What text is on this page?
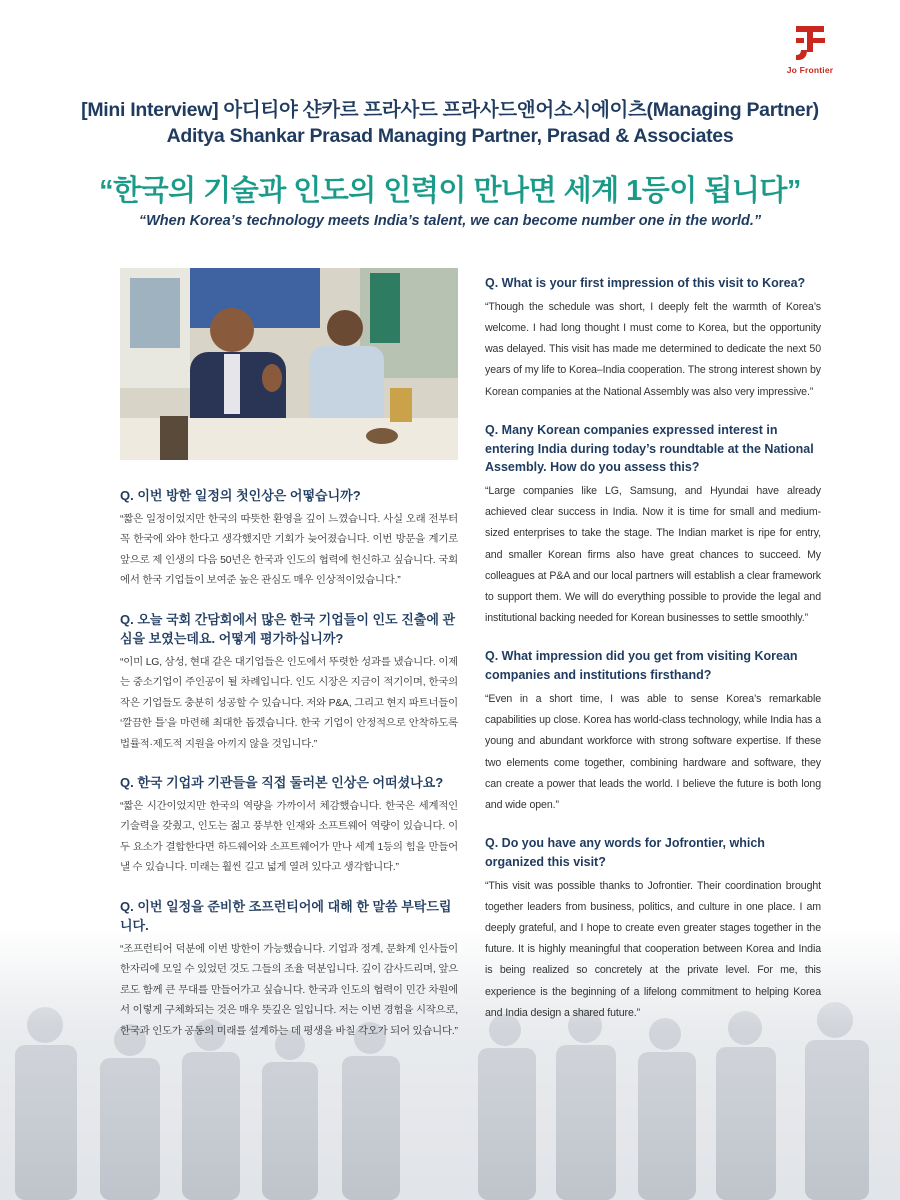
Jo Frontier
[Mini Interview] 아디티야 샨카르 프라사드 프라사드앤어소시에이츠(Managing Partner)
Aditya Shankar Prasad Managing Partner, Prasad & Associates
“한국의 기술과 인도의 인력이 만나면 세계 1등이 됩니다”
“When Korea’s technology meets India’s talent, we can become number one in the world.”
Q. 이번 방한 일정의 첫인상은 어떻습니까?
“짧은 일정이었지만 한국의 따뜻한 환영을 깊이 느꼈습니다. 사실 오래 전부터 꼭 한국에 와야 한다고 생각했지만 기회가 늦어졌습니다. 이번 방문을 계기로 앞으로 제 인생의 다음 50년은 한국과 인도의 협력에 헌신하고 싶습니다. 국회에서 한국 기업들이 보여준 높은 관심도 매우 인상적이었습니다.”
Q. 오늘 국회 간담회에서 많은 한국 기업들이 인도 진출에 관심을 보였는데요. 어떻게 평가하십니까?
“이미 LG, 삼성, 현대 같은 대기업들은 인도에서 뚜렷한 성과를 냈습니다. 이제는 중소기업이 주인공이 될 차례입니다. 인도 시장은 지금이 적기이며, 한국의 작은 기업들도 충분히 성공할 수 있습니다. 저와 P&A, 그리고 현지 파트너들이 ‘깔끔한 틀’을 마련해 최대한 돕겠습니다. 한국 기업이 안정적으로 안착하도록 법률적·제도적 지원을 아끼지 않을 것입니다.”
Q. 한국 기업과 기관들을 직접 둘러본 인상은 어떠셨나요?
“짧은 시간이었지만 한국의 역량을 가까이서 체감했습니다. 한국은 세계적인 기술력을 갖췄고, 인도는 젊고 풍부한 인재와 소프트웨어 역량이 있습니다. 이 두 요소가 결합한다면 하드웨어와 소프트웨어가 만나 세계 1등의 힘을 만들어낼 수 있습니다. 미래는 훨씬 길고 넓게 열려 있다고 생각합니다.”
Q. 이번 일정을 준비한 조프런티어에 대해 한 말씀 부탁드립니다.
“조프런티어 덕분에 이번 방한이 가능했습니다. 기업과 정계, 문화계 인사들이 한자리에 모일 수 있었던 것도 그들의 조율 덕분입니다. 깊이 감사드리며, 앞으로도 함께 큰 무대를 만들어가고 싶습니다. 한국과 인도의 협력이 민간 차원에서 이렇게 구체화되는 것은 매우 뜻깊은 일입니다. 저는 이번 경험을 시작으로, 한국과 인도가 공동의 미래를 설계하는 데 평생을 바칠 각오가 되어 있습니다.”
Q. What is your first impression of this visit to Korea?
“Though the schedule was short, I deeply felt the warmth of Korea’s welcome. I had long thought I must come to Korea, but the opportunity was delayed. This visit has made me determined to dedicate the next 50 years of my life to Korea–India cooperation. The strong interest shown by Korean companies at the National Assembly was also very impressive.”
Q. Many Korean companies expressed interest in entering India during today’s roundtable at the National Assembly. How do you assess this?
“Large companies like LG, Samsung, and Hyundai have already achieved clear success in India. Now it is time for small and medium-sized enterprises to take the stage. The Indian market is ripe for entry, and smaller Korean firms also have great chances to succeed. My colleagues at P&A and our local partners will establish a clear framework to support them. We will do everything possible to provide the legal and institutional backing needed for Korean businesses to settle smoothly.”
Q. What impression did you get from visiting Korean companies and institutions firsthand?
“Even in a short time, I was able to sense Korea’s remarkable capabilities up close. Korea has world-class technology, while India has a young and abundant workforce with strong software expertise. If these two elements come together, combining hardware and software, they can create a power that leads the world. I believe the future is both long and wide open.”
Q. Do you have any words for Jofrontier, which organized this visit?
“This visit was possible thanks to Jofrontier. Their coordination brought together leaders from business, politics, and culture in one place. I am deeply grateful, and I hope to create even greater stages together in the future. It is highly meaningful that cooperation between Korea and India is being realized so concretely at the private level. For me, this experience is the beginning of a lifelong commitment to helping Korea and India design a shared future.”
